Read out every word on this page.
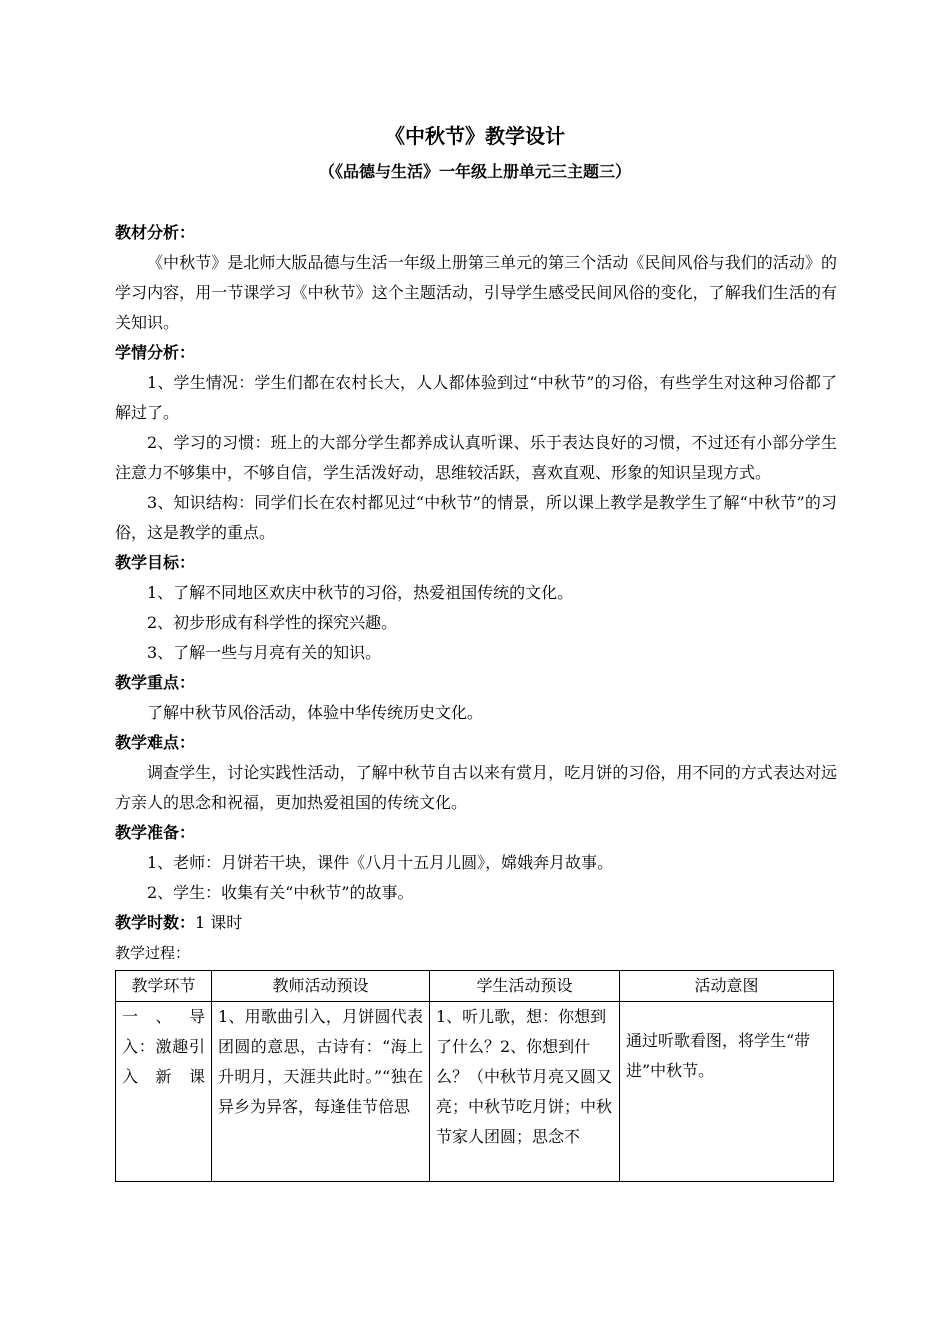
《中秋节》教学设计
（《品德与生活》一年级上册单元三主题三）

教材分析：

《中秋节》是北师大版品德与生活一年级上册第三单元的第三个活动《民间风俗与我们的活动》的学习内容，用一节课学习《中秋节》这个主题活动，引导学生感受民间风俗的变化，了解我们生活的有关知识。

学情分析：

1、学生情况：学生们都在农村长大，人人都体验到过“中秋节”的习俗，有些学生对这种习俗都了解过了。

2、学习的习惯：班上的大部分学生都养成认真听课、乐于表达良好的习惯，不过还有小部分学生注意力不够集中，不够自信，学生活泼好动，思维较活跃，喜欢直观、形象的知识呈现方式。

3、知识结构：同学们长在农村都见过“中秋节”的情景，所以课上教学是教学生了解“中秋节”的习俗，这是教学的重点。

教学目标：

1、了解不同地区欢庆中秋节的习俗，热爱祖国传统的文化。

2、初步形成有科学性的探究兴趣。

3、了解一些与月亮有关的知识。

教学重点：

了解中秋节风俗活动，体验中华传统历史文化。

教学难点：

调查学生，讨论实践性活动，了解中秋节自古以来有赏月，吃月饼的习俗，用不同的方式表达对远方亲人的思念和祝福，更加热爱祖国的传统文化。

教学准备：

1、老师：月饼若干块，课件《八月十五月儿圆》，嫦娥奔月故事。

2、学生：收集有关“中秋节”的故事。

教学时数：1 课时

教学过程：

教学环节	教师活动预设	学生活动预设	活动意图
一 、 导入：激趣引入新课	1、用歌曲引入，月饼圆代表团圆的意思，古诗有：“海上升明月，天涯共此时。”“独在异乡为异客，每逢佳节倍思	1、听儿歌，想：你想到了什么？2、你想到什么？（中秋节月亮又圆又亮；中秋节吃月饼；中秋节家人团圆；思念不	通过听歌看图，将学生“带进”中秋节。
